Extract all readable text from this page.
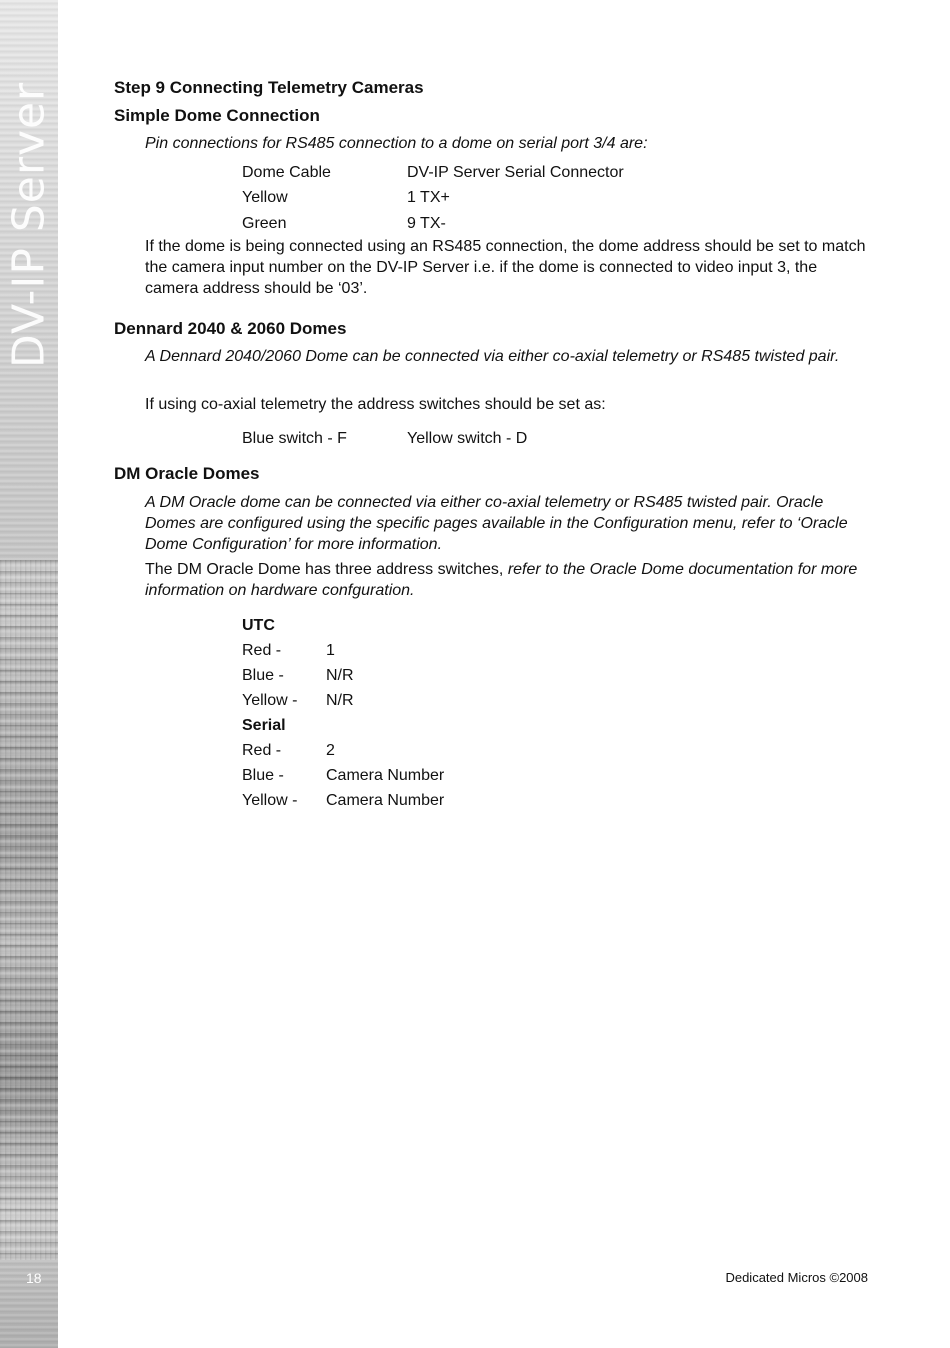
DV-IP Server
18
Step 9 Connecting Telemetry Cameras
Simple Dome Connection
Pin connections for RS485 connection to a dome on serial port 3/4 are:
Dome Cable	DV-IP Server Serial Connector
Yellow	1 TX+
Green	9 TX-
If the dome is being connected using an RS485 connection, the dome address should be set to match the camera input number on the DV-IP Server i.e. if the dome is connected to video input 3, the camera address should be ‘03’.
Dennard 2040 & 2060 Domes
A Dennard 2040/2060 Dome can be connected via either co-axial telemetry or RS485 twisted pair.
If using co-axial telemetry the address switches should be set as:
Blue switch - F	Yellow switch - D
DM Oracle Domes
A DM Oracle dome can be connected via either co-axial telemetry or RS485 twisted pair. Oracle Domes are configured using the specific pages available in the Configuration menu, refer to ‘Oracle Dome Configuration’ for more information.
The DM Oracle Dome has three address switches, refer to the Oracle Dome documentation for more information on hardware confguration.
UTC
Red -	1
Blue -	N/R
Yellow - N/R
Serial
Red -	2
Blue -	Camera Number
Yellow - Camera Number
Dedicated Micros ©2008
